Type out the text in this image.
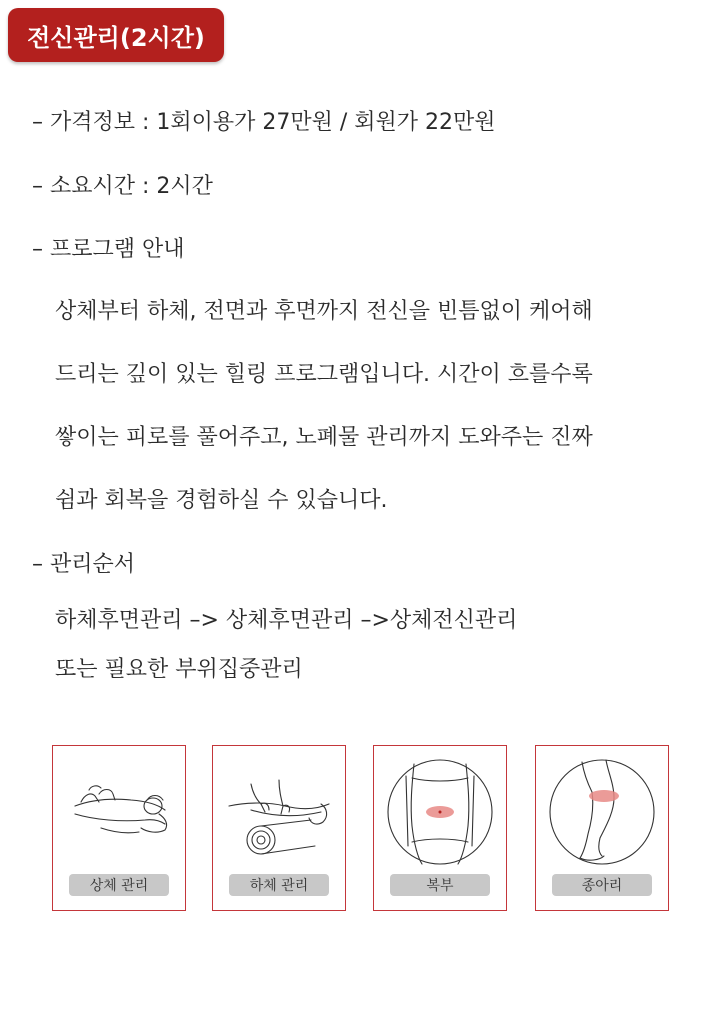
전신관리(2시간)
– 가격정보 : 1회이용가 27만원 / 회원가 22만원
– 소요시간 : 2시간
– 프로그램 안내
상체부터 하체, 전면과 후면까지 전신을 빈틈없이 케어해
드리는 깊이 있는 힐링 프로그램입니다. 시간이 흐를수록
쌓이는 피로를 풀어주고, 노폐물 관리까지 도와주는 진짜
쉼과 회복을 경험하실 수 있습니다.
– 관리순서
하체후면관리 –> 상체후면관리 –>상체전신관리
또는 필요한 부위집중관리
상체 관리	하체 관리	복부	종아리
